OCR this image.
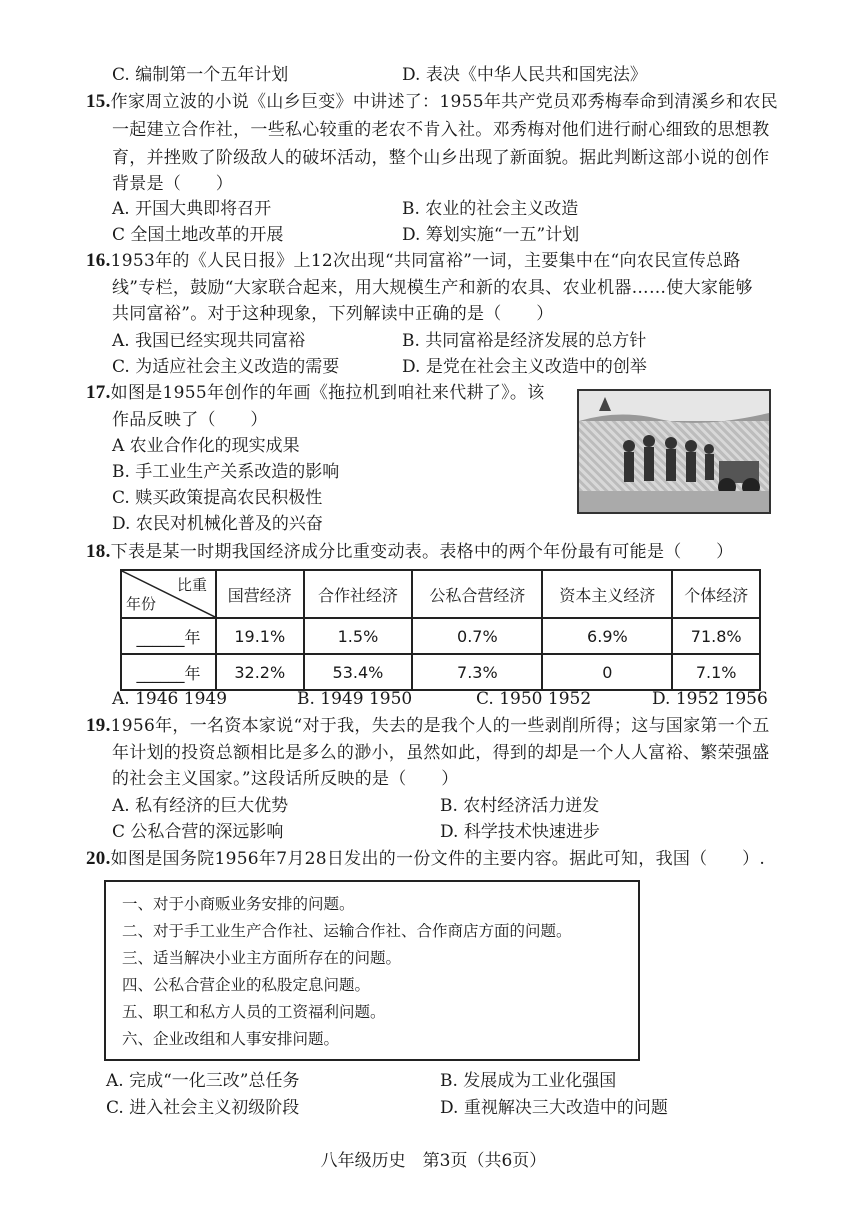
C. 编制第一个五年计划	D. 表决《中华人民共和国宪法》
15.作家周立波的小说《山乡巨变》中讲述了：1955年共产党员邓秀梅奉命到清溪乡和农民
一起建立合作社，一些私心较重的老农不肯入社。邓秀梅对他们进行耐心细致的思想教
育，并挫败了阶级敌人的破坏活动，整个山乡出现了新面貌。据此判断这部小说的创作
背景是（　　）
A. 开国大典即将召开	B. 农业的社会主义改造
C 全国土地改革的开展	D. 筹划实施“一五”计划
16.1953年的《人民日报》上12次出现“共同富裕”一词，主要集中在“向农民宣传总路
线”专栏，鼓励“大家联合起来，用大规模生产和新的农具、农业机器……使大家能够
共同富裕”。对于这种现象，下列解读中正确的是（　　）
A. 我国已经实现共同富裕	B. 共同富裕是经济发展的总方针
C. 为适应社会主义改造的需要	D. 是党在社会主义改造中的创举
17.如图是1955年创作的年画《拖拉机到咱社来代耕了》。该
作品反映了（　　）
A 农业合作化的现实成果
B. 手工业生产关系改造的影响
C. 赎买政策提高农民积极性
D. 农民对机械化普及的兴奋
18.下表是某一时期我国经济成分比重变动表。表格中的两个年份最有可能是（　　）
比重
年份	国营经济	合作社经济	公私合营经济	资本主义经济	个体经济
______年	19.1%	1.5%	0.7%	6.9%	71.8%
______年	32.2%	53.4%	7.3%	0	7.1%
A. 1946 1949	B. 1949 1950	C. 1950 1952	D. 1952 1956
19.1956年，一名资本家说“对于我，失去的是我个人的一些剥削所得；这与国家第一个五
年计划的投资总额相比是多么的渺小，虽然如此，得到的却是一个人人富裕、繁荣强盛
的社会主义国家。”这段话所反映的是（　　）
A. 私有经济的巨大优势	B. 农村经济活力迸发
C 公私合营的深远影响	D. 科学技术快速进步
20.如图是国务院1956年7月28日发出的一份文件的主要内容。据此可知，我国（　　）.
一、对于小商贩业务安排的问题。
二、对于手工业生产合作社、运输合作社、合作商店方面的问题。
三、适当解决小业主方面所存在的问题。
四、公私合营企业的私股定息问题。
五、职工和私方人员的工资福利问题。
六、企业改组和人事安排问题。
A. 完成“一化三改”总任务	B. 发展成为工业化强国
C. 进入社会主义初级阶段	D. 重视解决三大改造中的问题
八年级历史　第3页（共6页）
